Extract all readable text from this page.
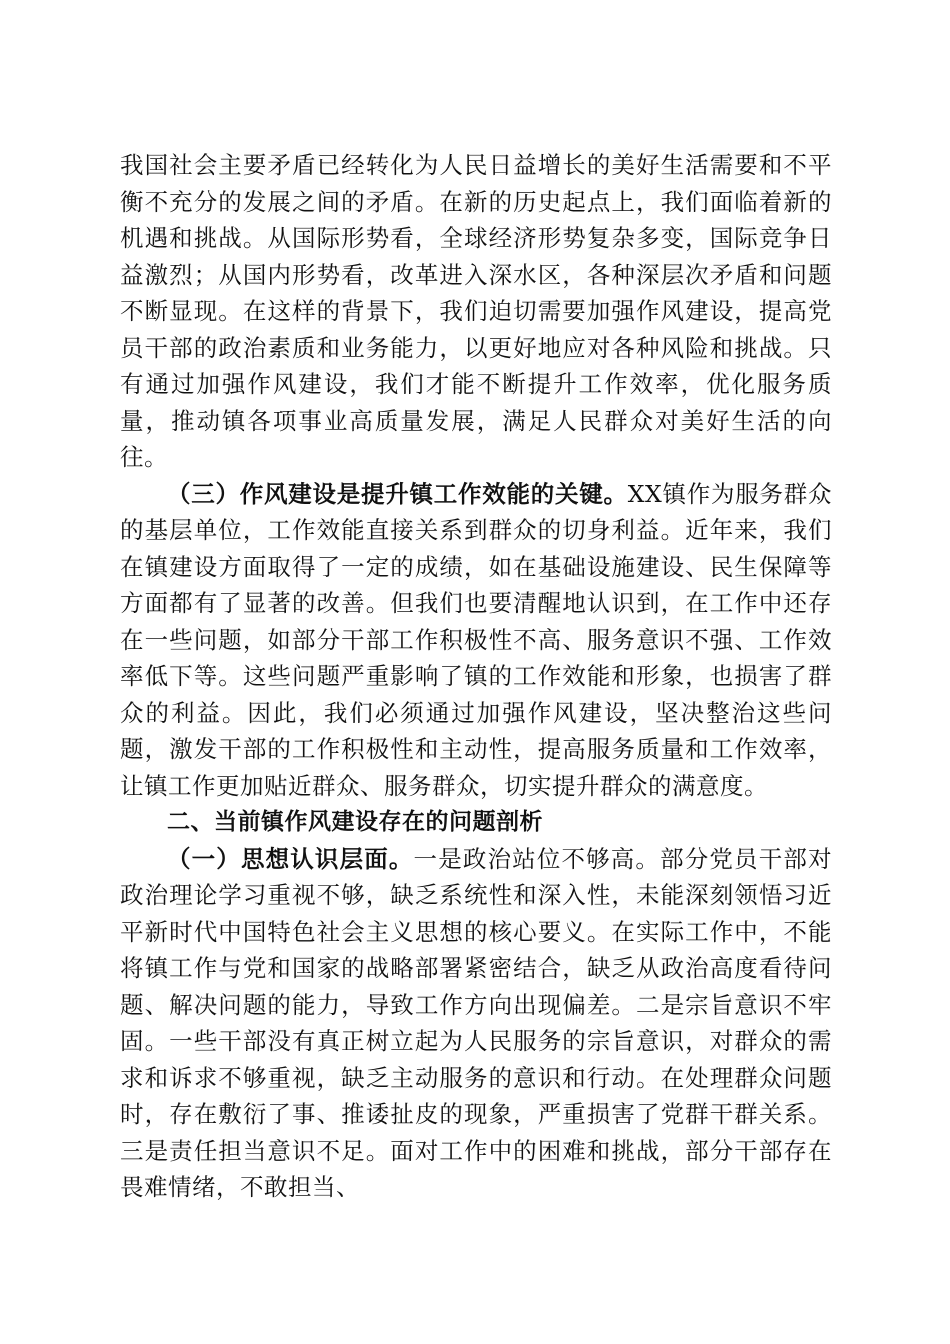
我国社会主要矛盾已经转化为人民日益增长的美好生活需要和不平衡不充分的发展之间的矛盾。在新的历史起点上，我们面临着新的机遇和挑战。从国际形势看，全球经济形势复杂多变，国际竞争日益激烈；从国内形势看，改革进入深水区，各种深层次矛盾和问题不断显现。在这样的背景下，我们迫切需要加强作风建设，提高党员干部的政治素质和业务能力，以更好地应对各种风险和挑战。只有通过加强作风建设，我们才能不断提升工作效率，优化服务质量，推动镇各项事业高质量发展，满足人民群众对美好生活的向往。

（三）作风建设是提升镇工作效能的关键。XX镇作为服务群众的基层单位，工作效能直接关系到群众的切身利益。近年来，我们在镇建设方面取得了一定的成绩，如在基础设施建设、民生保障等方面都有了显著的改善。但我们也要清醒地认识到，在工作中还存在一些问题，如部分干部工作积极性不高、服务意识不强、工作效率低下等。这些问题严重影响了镇的工作效能和形象，也损害了群众的利益。因此，我们必须通过加强作风建设，坚决整治这些问题，激发干部的工作积极性和主动性，提高服务质量和工作效率，让镇工作更加贴近群众、服务群众，切实提升群众的满意度。

二、当前镇作风建设存在的问题剖析

（一）思想认识层面。一是政治站位不够高。部分党员干部对政治理论学习重视不够，缺乏系统性和深入性，未能深刻领悟习近平新时代中国特色社会主义思想的核心要义。在实际工作中，不能将镇工作与党和国家的战略部署紧密结合，缺乏从政治高度看待问题、解决问题的能力，导致工作方向出现偏差。二是宗旨意识不牢固。一些干部没有真正树立起为人民服务的宗旨意识，对群众的需求和诉求不够重视，缺乏主动服务的意识和行动。在处理群众问题时，存在敷衍了事、推诿扯皮的现象，严重损害了党群干群关系。三是责任担当意识不足。面对工作中的困难和挑战，部分干部存在畏难情绪，不敢担当、
